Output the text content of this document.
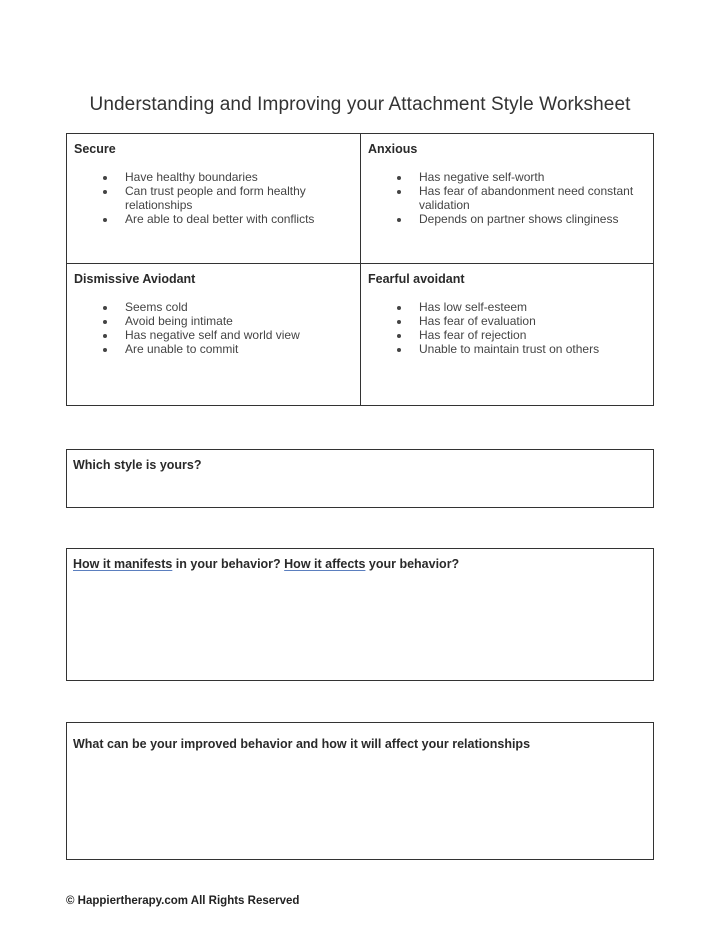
Understanding and Improving your Attachment Style Worksheet
Secure
• Have healthy boundaries
• Can trust people and form healthy relationships
• Are able to deal better with conflicts
Anxious
• Has negative self-worth
• Has fear of abandonment need constant validation
• Depends on partner shows clinginess
Dismissive Aviodant
• Seems cold
• Avoid being intimate
• Has negative self and world view
• Are unable to commit
Fearful avoidant
• Has low self-esteem
• Has fear of evaluation
• Has fear of rejection
• Unable to maintain trust on others
Which style is yours?
How it manifests in your behavior? How it affects your behavior?
What can be your improved behavior and how it will affect your relationships
© Happiertherapy.com All Rights Reserved
